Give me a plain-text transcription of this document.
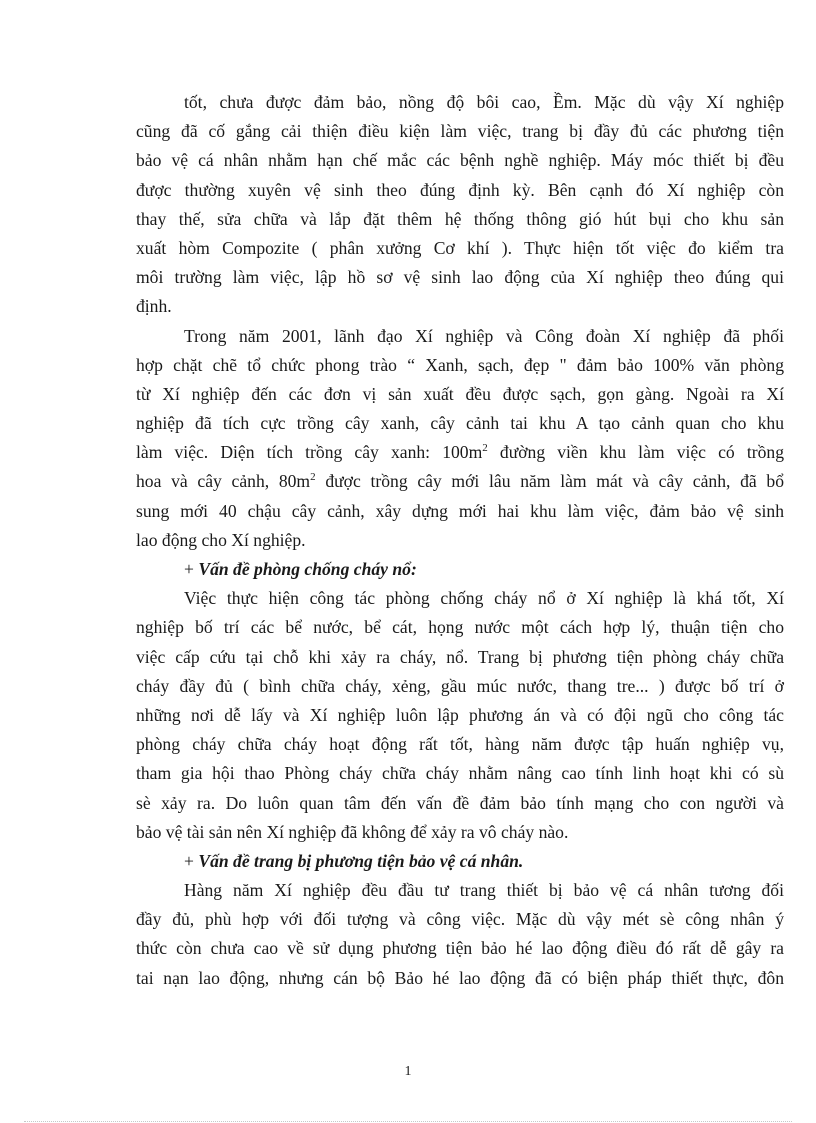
tốt, chưa được đảm bảo, nồng độ bôi cao, Ềm. Mặc dù vậy Xí nghiệp
cũng đã cố gắng cải thiện điều kiện làm việc, trang bị đầy đủ các phương tiện
bảo vệ cá nhân nhằm hạn chế mắc các bệnh nghề nghiệp. Máy móc thiết bị đều
được thường xuyên vệ sinh theo đúng định kỳ. Bên cạnh đó Xí nghiệp còn
thay thế, sửa chữa và lắp đặt thêm hệ thống thông gió hút bụi cho khu sản
xuất hòm Compozite ( phân xưởng Cơ khí ). Thực hiện tốt việc đo kiểm tra
môi trường làm việc, lập hồ sơ vệ sinh lao động của Xí nghiệp theo đúng qui
định.
Trong năm 2001, lãnh đạo Xí nghiệp và Công đoàn Xí nghiệp đã phối
hợp chặt chẽ tổ chức phong trào “ Xanh, sạch, đẹp " đảm bảo 100% văn phòng
từ Xí nghiệp đến các đơn vị sản xuất đều được sạch, gọn gàng. Ngoài ra Xí
nghiệp đã tích cực trồng cây xanh, cây cảnh tai khu A tạo cảnh quan cho khu
làm việc. Diện tích trồng cây xanh: $100m^2$ đường viền khu làm việc có trồng
hoa và cây cảnh, $80m^2$ được trồng cây mới lâu năm làm mát và cây cảnh, đã bổ
sung mới 40 chậu cây cảnh, xây dựng mới hai khu làm việc, đảm bảo vệ sinh
lao động cho Xí nghiệp.
+ Vấn đề phòng chống cháy nổ:
Việc thực hiện công tác phòng chống cháy nổ ở Xí nghiệp là khá tốt, Xí
nghiệp bố trí các bể nước, bể cát, họng nước một cách hợp lý, thuận tiện cho
việc cấp cứu tại chỗ khi xảy ra cháy, nổ. Trang bị phương tiện phòng cháy chữa
cháy đầy đủ ( bình chữa cháy, xẻng, gầu múc nước, thang tre... ) được bố trí ở
những nơi dễ lấy và Xí nghiệp luôn lập phương án và có đội ngũ cho công tác
phòng cháy chữa cháy hoạt động rất tốt, hàng năm được tập huấn nghiệp vụ,
tham gia hội thao Phòng cháy chữa cháy nhằm nâng cao tính linh hoạt khi có sù
sè xảy ra. Do luôn quan tâm đến vấn đề đảm bảo tính mạng cho con người và
bảo vệ tài sản nên Xí nghiệp đã không để xảy ra vô cháy nào.
+ Vấn đề trang bị phương tiện bảo vệ cá nhân.
Hàng năm Xí nghiệp đều đầu tư trang thiết bị bảo vệ cá nhân tương đối
đầy đủ, phù hợp với đối tượng và công việc. Mặc dù vậy mét sè công nhân ý
thức còn chưa cao về sử dụng phương tiện bảo hé lao động điều đó rất dễ gây ra
tai nạn lao động, nhưng cán bộ Bảo hé lao động đã có biện pháp thiết thực, đôn
1
